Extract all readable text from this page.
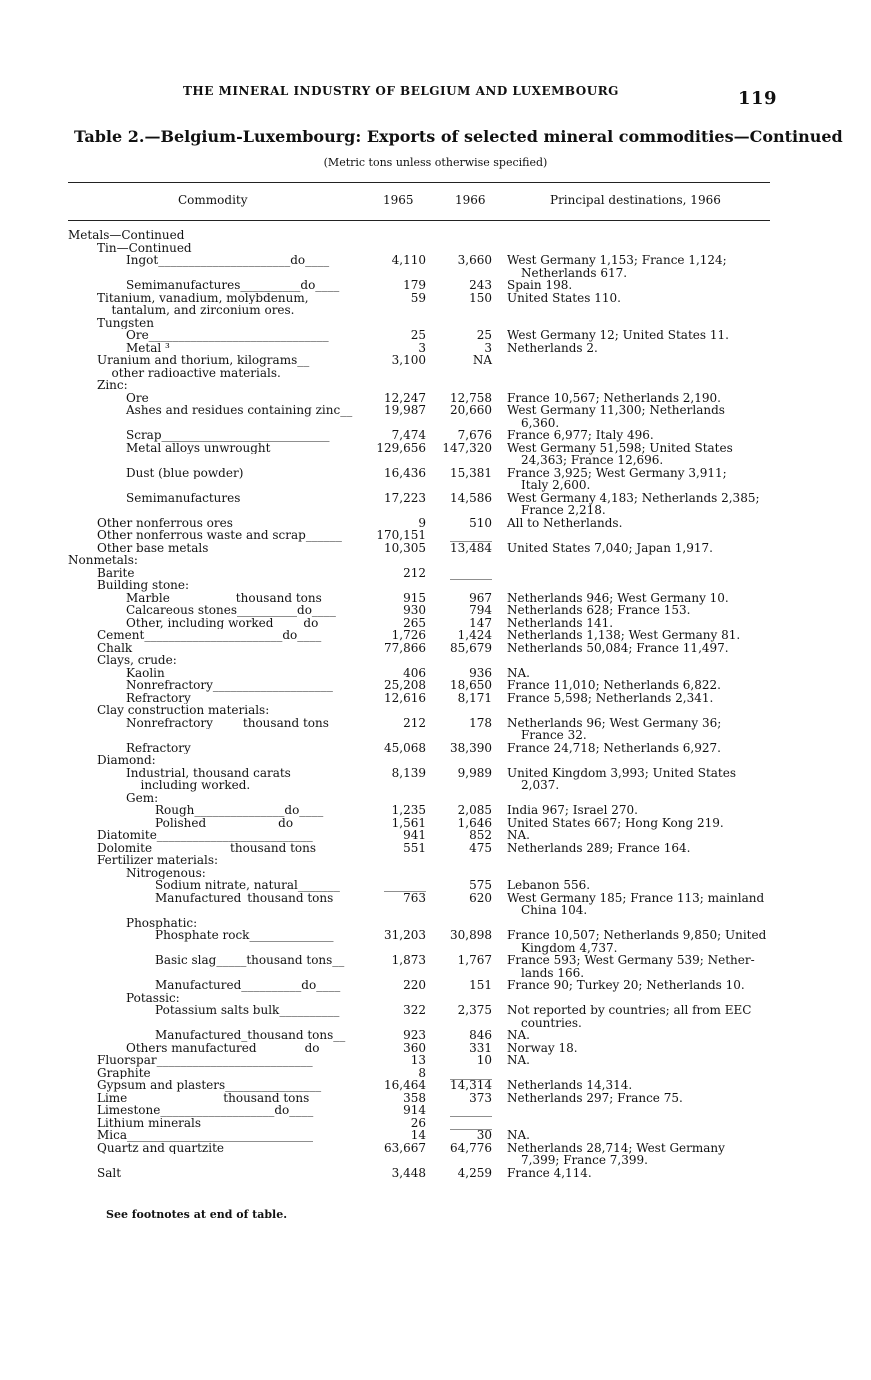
THE MINERAL INDUSTRY OF BELGIUM AND LUXEMBOURG	119
Table 2.—Belgium-Luxembourg: Exports of selected mineral commodities—Continued
(Metric tons unless otherwise specified)
Commodity	1965	1966	Principal destinations, 1966
Metals—Continued
Tin—Continued
Ingot______________________do____	4,110	3,660 West Germany 1,153; France 1,124;
Netherlands 617.
Semimanufactures__________do____	179	243 Spain 198.
Titanium, vanadium, molybdenum,	59	150 United States 110.
tantalum, and zirconium ores.
Tungsten
Ore______________________________	25	25 West Germany 12; United States 11.
Metal ³__________________________	3	3 Netherlands 2.
Uranium and thorium, kilograms__	3,100	NA
other radioactive materials.
Zinc:
Ore______________________________	12,247	12,758 France 10,567; Netherlands 2,190.
Ashes and residues containing zinc__	19,987	20,660 West Germany 11,300; Netherlands
6,360.
Scrap____________________________	7,474	7,676 France 6,977; Italy 496.
Metal alloys unwrought___________	129,656	147,320 West Germany 51,598; United States
24,363; France 12,696.
Dust (blue powder)_______________	16,436	15,381 France 3,925; West Germany 3,911;
Italy 2,600.
Semimanufactures_________________	17,223	14,586 West Germany 4,183; Netherlands 2,385;
France 2,218.
Other nonferrous ores_____________	9	510 All to Netherlands.
Other nonferrous waste and scrap______	170,151	_______
Other base metals__________________	10,305	13,484 United States 7,040; Japan 1,917.
Nonmetals:
Barite_____________________________	212	_______
Building stone:
Marble___________thousand tons__	915	967 Netherlands 946; West Germany 10.
Calcareous stones__________do____	930	794 Netherlands 628; France 153.
Other, including worked_____do____	265	147 Netherlands 141.
Cement_______________________do____	1,726	1,424 Netherlands 1,138; West Germany 81.
Chalk______________________________	77,866	85,679 Netherlands 50,084; France 11,497.
Clays, crude:
Kaolin___________________________	406	936 NA.
Nonrefractory____________________	25,208	18,650 France 11,010; Netherlands 6,822.
Refractory_______________________	12,616	8,171 France 5,598; Netherlands 2,341.
Clay construction materials:
Nonrefractory_____thousand tons__	212	178 Netherlands 96; West Germany 36;
France 32.
Refractory_______________________	45,068	38,390 France 24,718; Netherlands 6,927.
Diamond:
Industrial, thousand carats__	8,139	9,989 United Kingdom 3,993; United States
including worked.	2,037.
Gem:
Rough_______________do____	1,235	2,085 India 967; Israel 270.
Polished____________do____	1,561	1,646 United States 667; Hong Kong 219.
Diatomite__________________________	941	852 NA.
Dolomite_____________thousand tons__	551	475 Netherlands 289; France 164.
Fertilizer materials:
Nitrogenous:
Sodium nitrate, natural_______	_______	575 Lebanon 556.
Manufactured_thousand tons__	763	620 West Germany 185; France 113; mainland
China 104.
Phosphatic:
Phosphate rock______________	31,203	30,898 France 10,507; Netherlands 9,850; United
Kingdom 4,737.
Basic slag_____thousand tons__	1,873	1,767 France 593; West Germany 539; Nether-
lands 166.
Manufactured__________do____	220	151 France 90; Turkey 20; Netherlands 10.
Potassic:
Potassium salts bulk__________	322	2,375 Not reported by countries; all from EEC
countries.
Manufactured_thousand tons__	923	846 NA.
Others manufactured________do____	360	331 Norway 18.
Fluorspar__________________________	13	10 NA.
Graphite___________________________	8	_______
Gypsum and plasters________________	16,464	14,314 Netherlands 14,314.
Lime________________thousand tons__	358	373 Netherlands 297; France 75.
Limestone___________________do____	914	_______
Lithium minerals___________________	26	_______
Mica_______________________________	14	30 NA.
Quartz and quartzite_______________	63,667	64,776 Netherlands 28,714; West Germany
7,399; France 7,399.
Salt_______________________________	3,448	4,259 France 4,114.
See footnotes at end of table.
